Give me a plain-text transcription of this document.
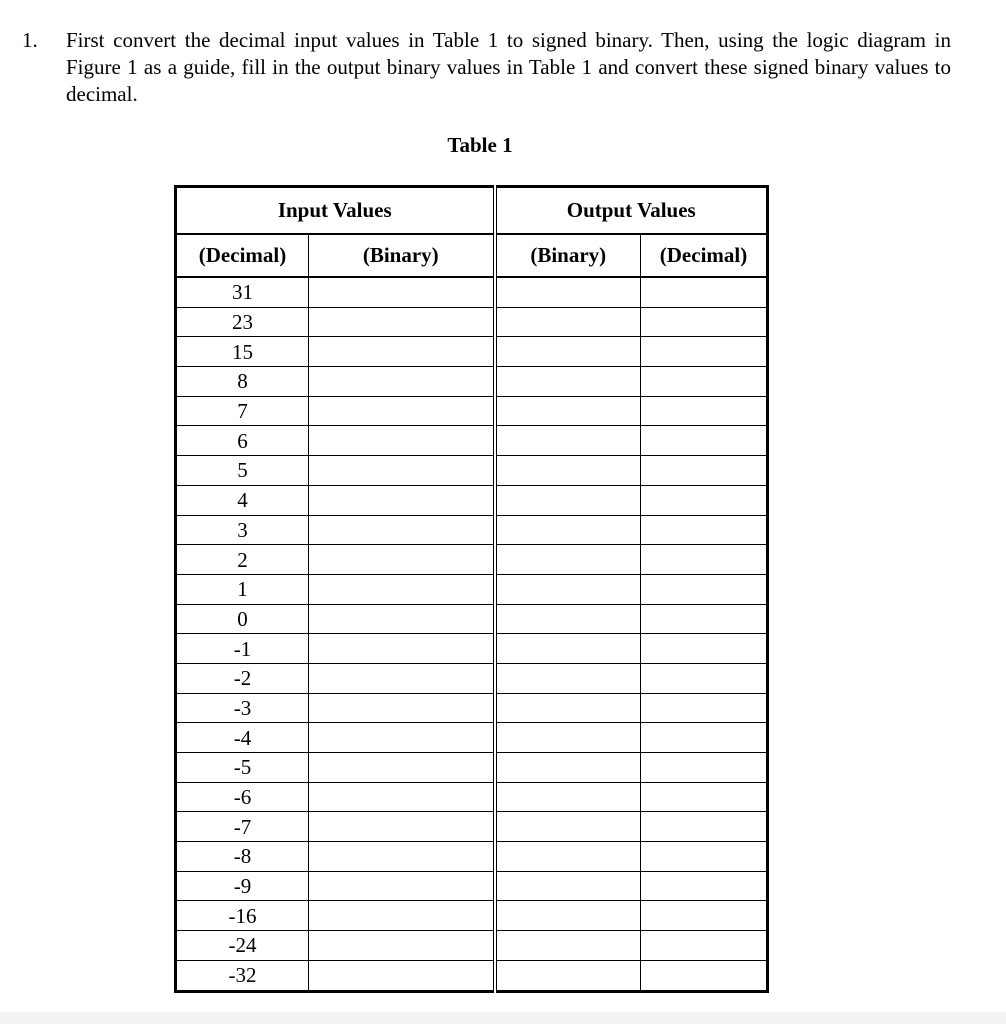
1. First convert the decimal input values in Table 1 to signed binary. Then, using the logic diagram in Figure 1 as a guide, fill in the output binary values in Table 1 and convert these signed binary values to decimal.
Table 1
Input Values		Output Values	
(Decimal)	(Binary)	(Binary)	(Decimal)
31			
23			
15			
8			
7			
6			
5			
4			
3			
2			
1			
0			
-1			
-2			
-3			
-4			
-5			
-6			
-7			
-8			
-9			
-16			
-24			
-32			
